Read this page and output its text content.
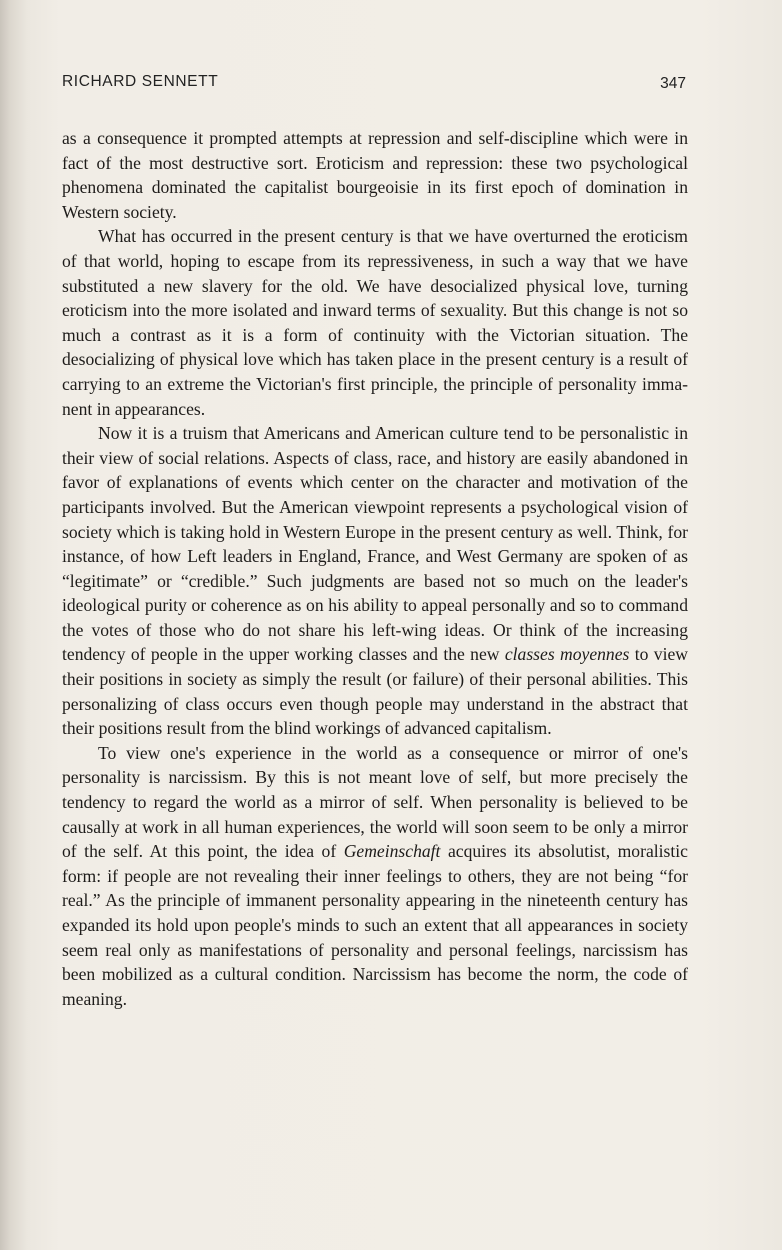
RICHARD SENNETT	347

as a consequence it prompted attempts at repression and self-discipline which were in fact of the most destructive sort. Eroticism and repression: these two psychological phenomena dominated the capitalist bourgeoisie in its first epoch of domination in Western society.

What has occurred in the present century is that we have overturned the eroticism of that world, hoping to escape from its repressiveness, in such a way that we have substituted a new slavery for the old. We have desocialized physical love, turning eroticism into the more isolated and inward terms of sexuality. But this change is not so much a contrast as it is a form of continuity with the Victorian situation. The desocializing of physical love which has taken place in the present century is a result of carrying to an extreme the Victorian's first principle, the principle of personality immanent in appearances.

Now it is a truism that Americans and American culture tend to be personalistic in their view of social relations. Aspects of class, race, and history are easily abandoned in favor of explanations of events which center on the character and motivation of the participants involved. But the American viewpoint represents a psychological vision of society which is taking hold in Western Europe in the present century as well. Think, for instance, of how Left leaders in England, France, and West Germany are spoken of as “legitimate” or “credible.” Such judgments are based not so much on the leader's ideological purity or coherence as on his ability to appeal personally and so to command the votes of those who do not share his left-wing ideas. Or think of the increasing tendency of people in the upper working classes and the new classes moyennes to view their positions in society as simply the result (or failure) of their personal abilities. This personalizing of class occurs even though people may understand in the abstract that their positions result from the blind workings of advanced capitalism.

To view one's experience in the world as a consequence or mirror of one's personality is narcissism. By this is not meant love of self, but more precisely the tendency to regard the world as a mirror of self. When personality is believed to be causally at work in all human experiences, the world will soon seem to be only a mirror of the self. At this point, the idea of Gemeinschaft acquires its absolutist, moralistic form: if people are not revealing their inner feelings to others, they are not being “for real.” As the principle of immanent personality appearing in the nineteenth century has expanded its hold upon people's minds to such an extent that all appearances in society seem real only as manifestations of personality and personal feelings, narcissism has been mobilized as a cultural condition. Narcissism has become the norm, the code of meaning.
